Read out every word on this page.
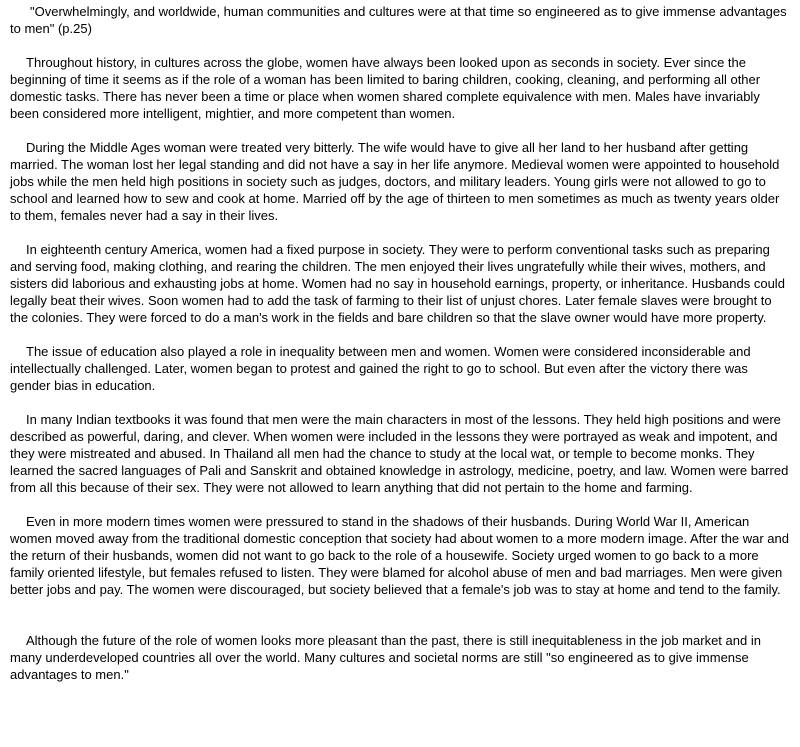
"Overwhelmingly, and worldwide, human communities and cultures were at that time so engineered as to give immense advantages to men" (p.25)

Throughout history, in cultures across the globe, women have always been looked upon as seconds in society. Ever since the beginning of time it seems as if the role of a woman has been limited to baring children, cooking, cleaning, and performing all other domestic tasks. There has never been a time or place when women shared complete equivalence with men. Males have invariably been considered more intelligent, mightier, and more competent than women.

During the Middle Ages woman were treated very bitterly. The wife would have to give all her land to her husband after getting married. The woman lost her legal standing and did not have a say in her life anymore. Medieval women were appointed to household jobs while the men held high positions in society such as judges, doctors, and military leaders. Young girls were not allowed to go to school and learned how to sew and cook at home. Married off by the age of thirteen to men sometimes as much as twenty years older to them, females never had a say in their lives.

In eighteenth century America, women had a fixed purpose in society. They were to perform conventional tasks such as preparing and serving food, making clothing, and rearing the children. The men enjoyed their lives ungratefully while their wives, mothers, and sisters did laborious and exhausting jobs at home. Women had no say in household earnings, property, or inheritance. Husbands could legally beat their wives. Soon women had to add the task of farming to their list of unjust chores. Later female slaves were brought to the colonies. They were forced to do a man's work in the fields and bare children so that the slave owner would have more property.

The issue of education also played a role in inequality between men and women. Women were considered inconsiderable and intellectually challenged. Later, women began to protest and gained the right to go to school. But even after the victory there was gender bias in education.

In many Indian textbooks it was found that men were the main characters in most of the lessons. They held high positions and were described as powerful, daring, and clever. When women were included in the lessons they were portrayed as weak and impotent, and they were mistreated and abused. In Thailand all men had the chance to study at the local wat, or temple to become monks. They learned the sacred languages of Pali and Sanskrit and obtained knowledge in astrology, medicine, poetry, and law. Women were barred from all this because of their sex. They were not allowed to learn anything that did not pertain to the home and farming.

Even in more modern times women were pressured to stand in the shadows of their husbands. During World War II, American women moved away from the traditional domestic conception that society had about women to a more modern image. After the war and the return of their husbands, women did not want to go back to the role of a housewife. Society urged women to go back to a more family oriented lifestyle, but females refused to listen. They were blamed for alcohol abuse of men and bad marriages. Men were given better jobs and pay. The women were discouraged, but society believed that a female's job was to stay at home and tend to the family.

Although the future of the role of women looks more pleasant than the past, there is still inequitableness in the job market and in many underdeveloped countries all over the world. Many cultures and societal norms are still "so engineered as to give immense advantages to men."
